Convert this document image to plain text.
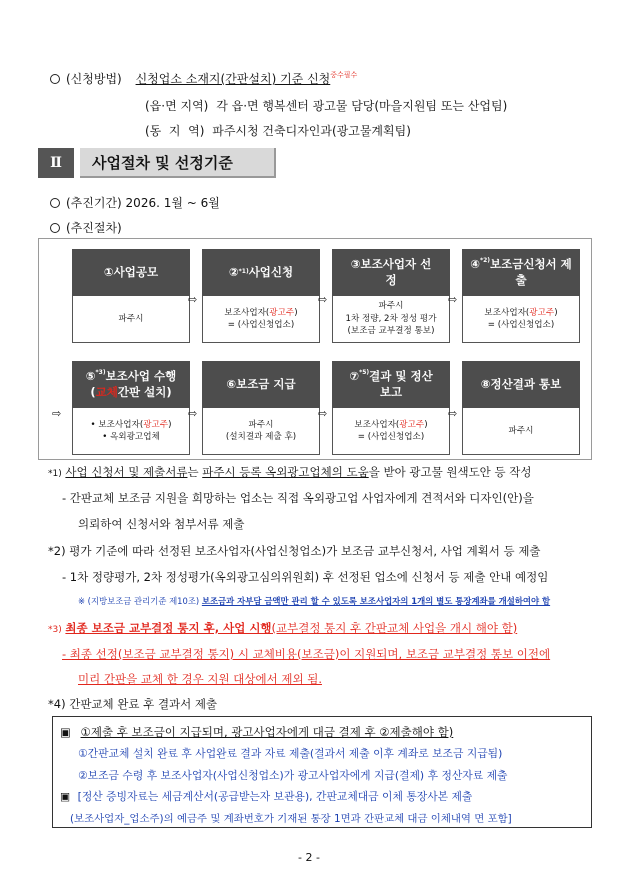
(신청방법) 신청업소 소재지(간판설치) 기준 신청$^{중수필수}$
(읍·면 지역) 각 읍·면 행복센터 광고물 담당(마을지원팀 또는 산업팀)
(동  지  역) 파주시청 건축디자인과(광고물계획팀)
Ⅱ	사업절차 및 선정기준
(추진기간) 2026. 1월 ~ 6월
(추진절차)
①사업공모
파주시
⇨
② *1) 사업신청
보조사업자(광고주)
= (사업신청업소)
⇨
③보조사업자 선정
파주시
1차 정량, 2차 정성 평가
(보조금 교부결정 통보)
⇨
④$^{*2)}$보조금신청서 제출
보조사업자(광고주)
= (사업신청업소)
⇨
⑤$^{*3)}$보조사업 수행
(교체간판 설치)
• 보조사업자(광고주)
• 옥외광고업체
⇨
⑥보조금 지급
파주시
(설치결과 제출 후)
⇨
⑦$^{*5)}$결과 및 정산 보고
보조사업자(광고주)
= (사업신청업소)
⇨
⑧정산결과 통보
파주시
*1) 사업 신청서 및 제출서류는 파주시 등록 옥외광고업체의 도움을 받아 광고물 원색도안 등 작성
- 간판교체 보조금 지원을 희망하는 업소는 직접 옥외광고업 사업자에게 견적서와 디자인(안)을
의뢰하여 신청서와 첨부서류 제출
*2) 평가 기준에 따라 선정된 보조사업자(사업신청업소)가 보조금 교부신청서, 사업 계획서 등 제출
- 1차 정량평가, 2차 정성평가(옥외광고심의위원회) 후 선정된 업소에 신청서 등 제출 안내 예정임
※ (지방보조금 관리기준 제10조) 보조금과 자부담 금액만 관리 할 수 있도록 보조사업자의 1개의 별도 통장계좌를 개설하여야 함
*3) 최종 보조금 교부결정 통지 후, 사업 시행(교부결정 통지 후 간판교체 사업을 개시 해야 함)
- 최종 선정(보조금 교부결정 통지) 시 교체비용(보조금)이 지원되며, 보조금 교부결정 통보 이전에
미리 간판을 교체 한 경우 지원 대상에서 제외 됨.
*4) 간판교체 완료 후 결과서 제출
▣ ①제출 후 보조금이 지급되며, 광고사업자에게 대금 결제 후 ②제출해야 함)
①간판교체 설치 완료 후 사업완료 결과 자료 제출(결과서 제출 이후 계좌로 보조금 지급됨)
②보조금 수령 후 보조사업자(사업신청업소)가 광고사업자에게 지급(결제) 후 정산자료 제출
▣ [정산 증빙자료는 세금계산서(공급받는자 보관용), 간판교체대금 이체 통장사본 제출
(보조사업자_업소주)의 예금주 및 계좌번호가 기재된 통장 1면과 간판교체 대금 이체내역 면 포함]
- 2 -
